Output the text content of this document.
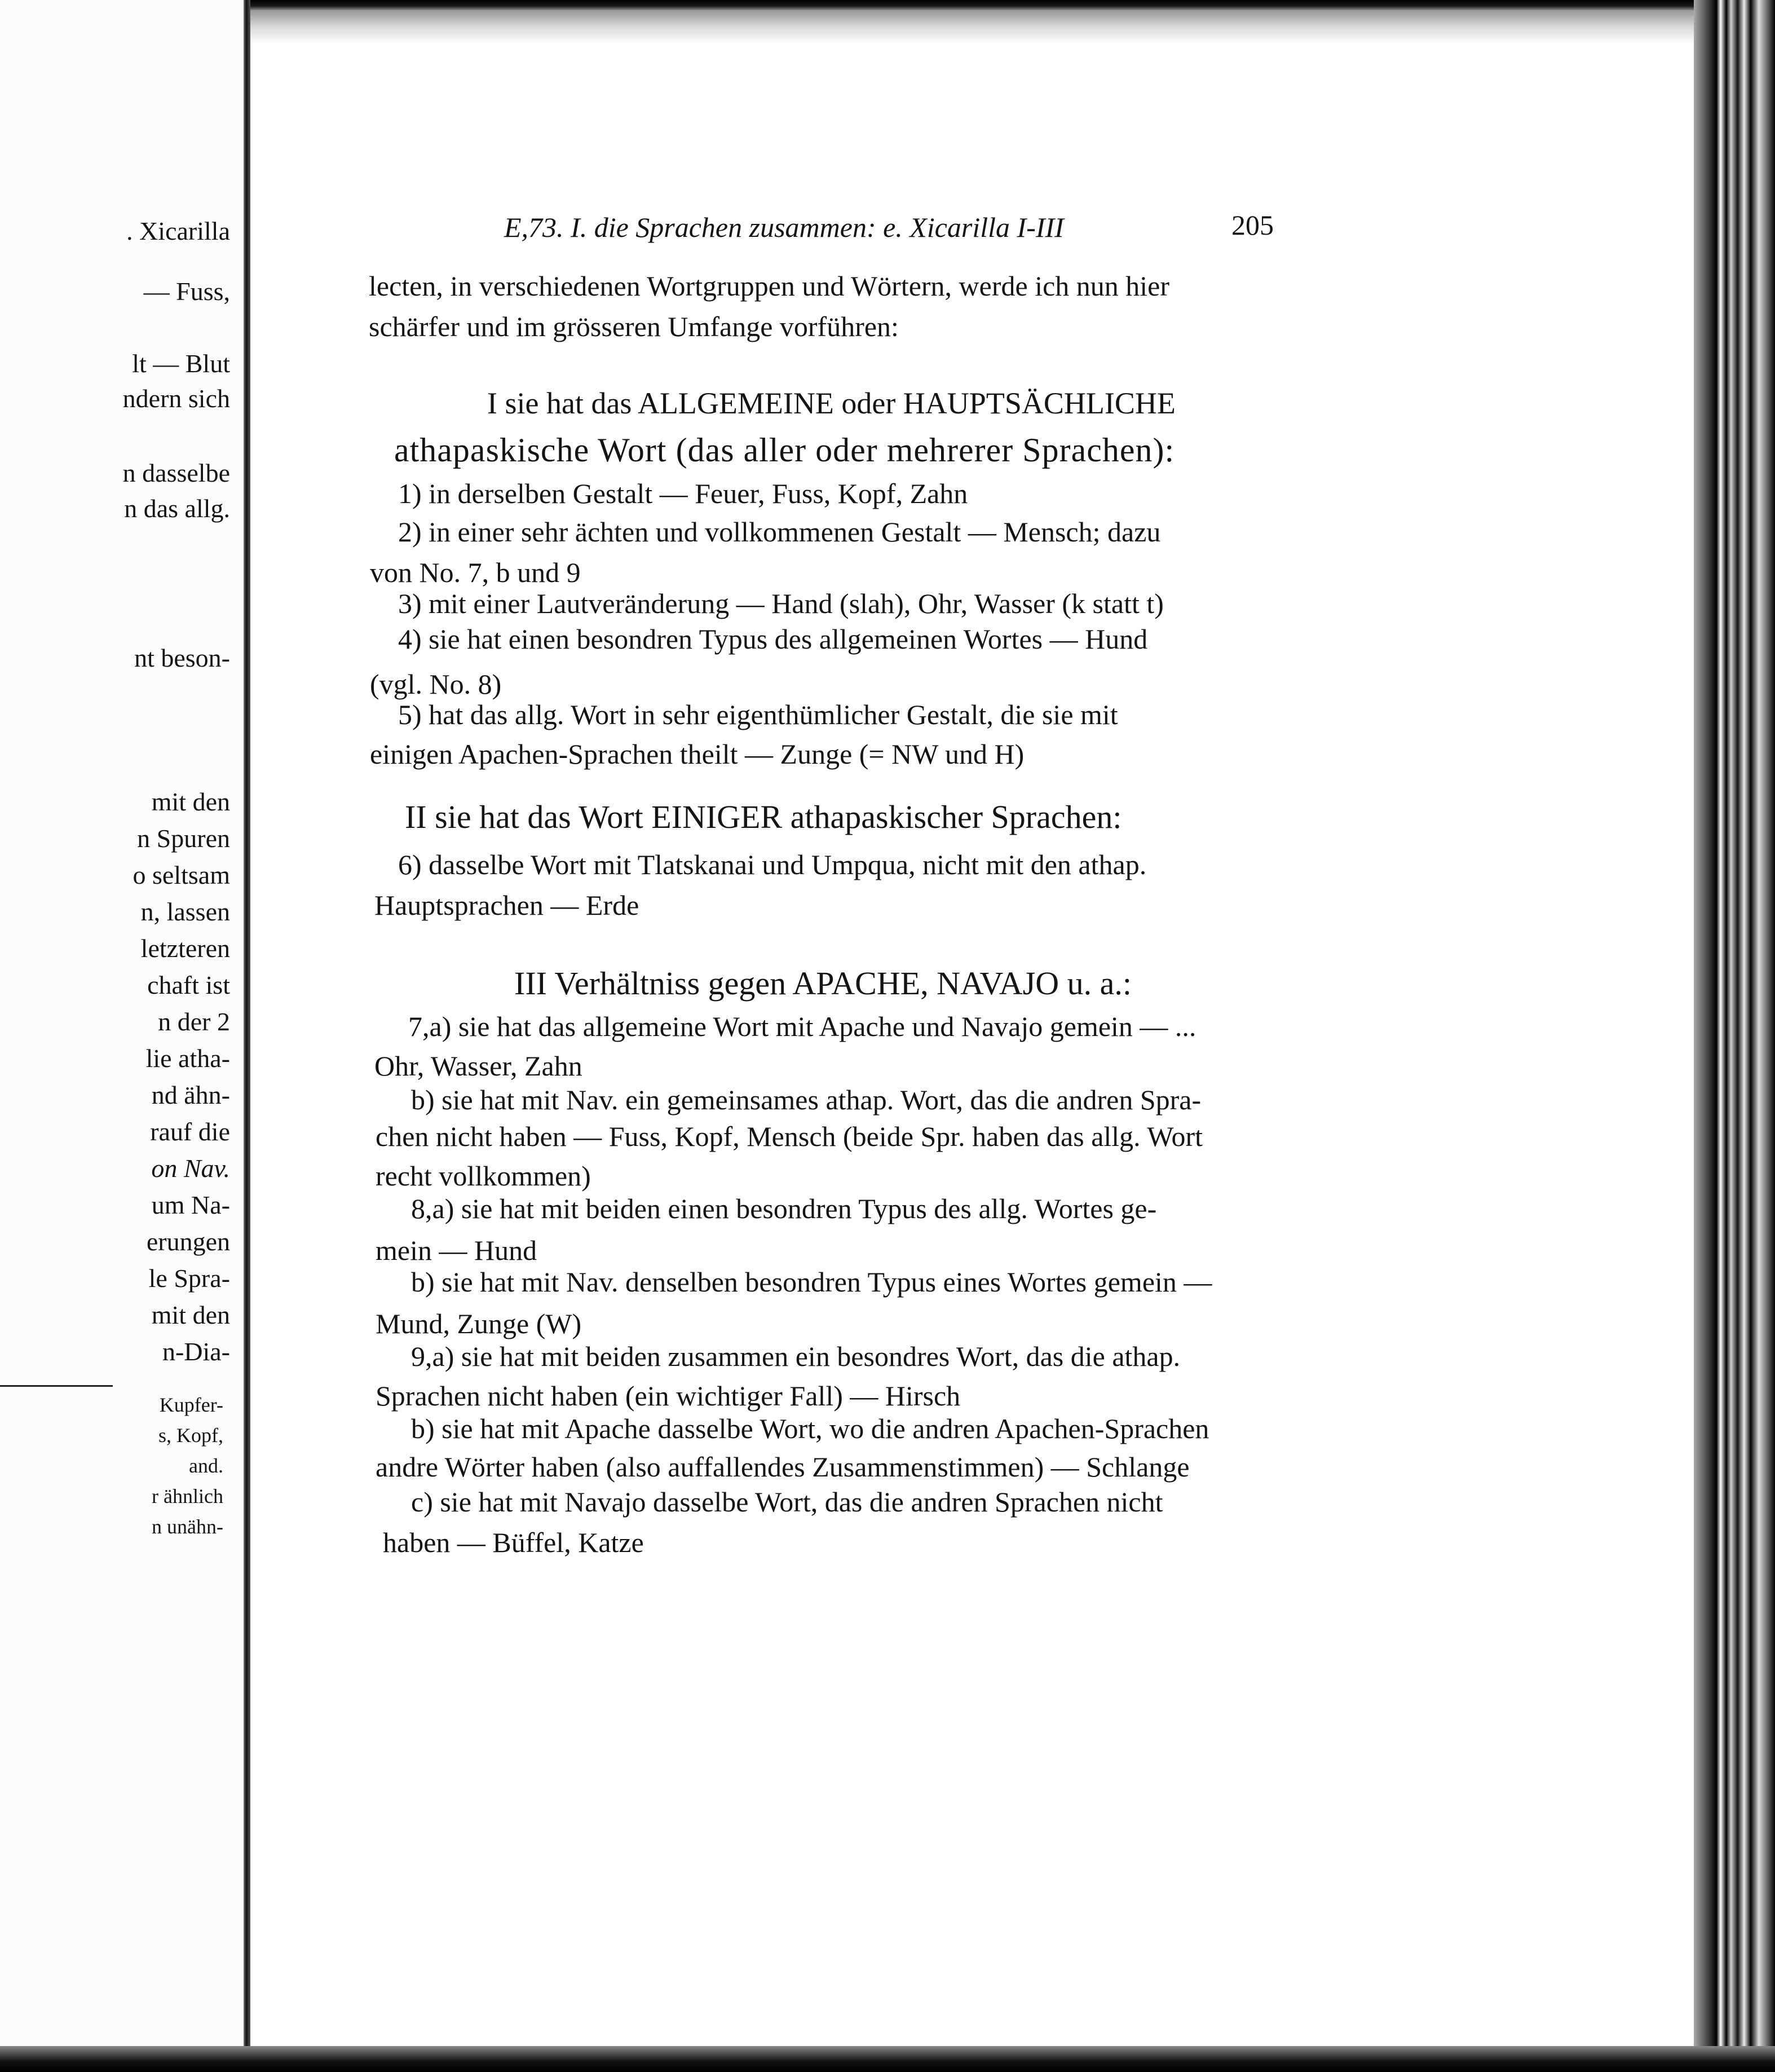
. Xicarilla
— Fuss,
lt — Blut
ndern sich
n dasselbe
n das allg.
nt beson-
mit den
n Spuren
o seltsam
n, lassen
letzteren
chaft ist
n der 2
lie atha-
nd ähn-
rauf die
on Nav.
um Na-
erungen
le Spra-
mit den
n-Dia-
Kupfer-
s, Kopf,
and.
r ähnlich
n unähn-
E,73. I. die Sprachen zusammen: e. Xicarilla I-III	205
lecten, in verschiedenen Wortgruppen und Wörtern, werde ich nun hier
schärfer und im grösseren Umfange vorführen:
I sie hat das ALLGEMEINE oder HAUPTSÄCHLICHE
athapaskische Wort (das aller oder mehrerer Sprachen):
1) in derselben Gestalt — Feuer, Fuss, Kopf, Zahn
2) in einer sehr ächten und vollkommenen Gestalt — Mensch; dazu
von No. 7, b und 9
3) mit einer Lautveränderung — Hand (slah), Ohr, Wasser (k statt t)
4) sie hat einen besondren Typus des allgemeinen Wortes — Hund
(vgl. No. 8)
5) hat das allg. Wort in sehr eigenthümlicher Gestalt, die sie mit
einigen Apachen-Sprachen theilt — Zunge (= NW und H)
II sie hat das Wort EINIGER athapaskischer Sprachen:
6) dasselbe Wort mit Tlatskanai und Umpqua, nicht mit den athap.
Hauptsprachen — Erde
III Verhältniss gegen APACHE, NAVAJO u. a.:
7,a) sie hat das allgemeine Wort mit Apache und Navajo gemein — ...
Ohr, Wasser, Zahn
b) sie hat mit Nav. ein gemeinsames athap. Wort, das die andren Spra-
chen nicht haben — Fuss, Kopf, Mensch (beide Spr. haben das allg. Wort
recht vollkommen)
8,a) sie hat mit beiden einen besondren Typus des allg. Wortes ge-
mein — Hund
b) sie hat mit Nav. denselben besondren Typus eines Wortes gemein —
Mund, Zunge (W)
9,a) sie hat mit beiden zusammen ein besondres Wort, das die athap.
Sprachen nicht haben (ein wichtiger Fall) — Hirsch
b) sie hat mit Apache dasselbe Wort, wo die andren Apachen-Sprachen
andre Wörter haben (also auffallendes Zusammenstimmen) — Schlange
c) sie hat mit Navajo dasselbe Wort, das die andren Sprachen nicht
haben — Büffel, Katze
